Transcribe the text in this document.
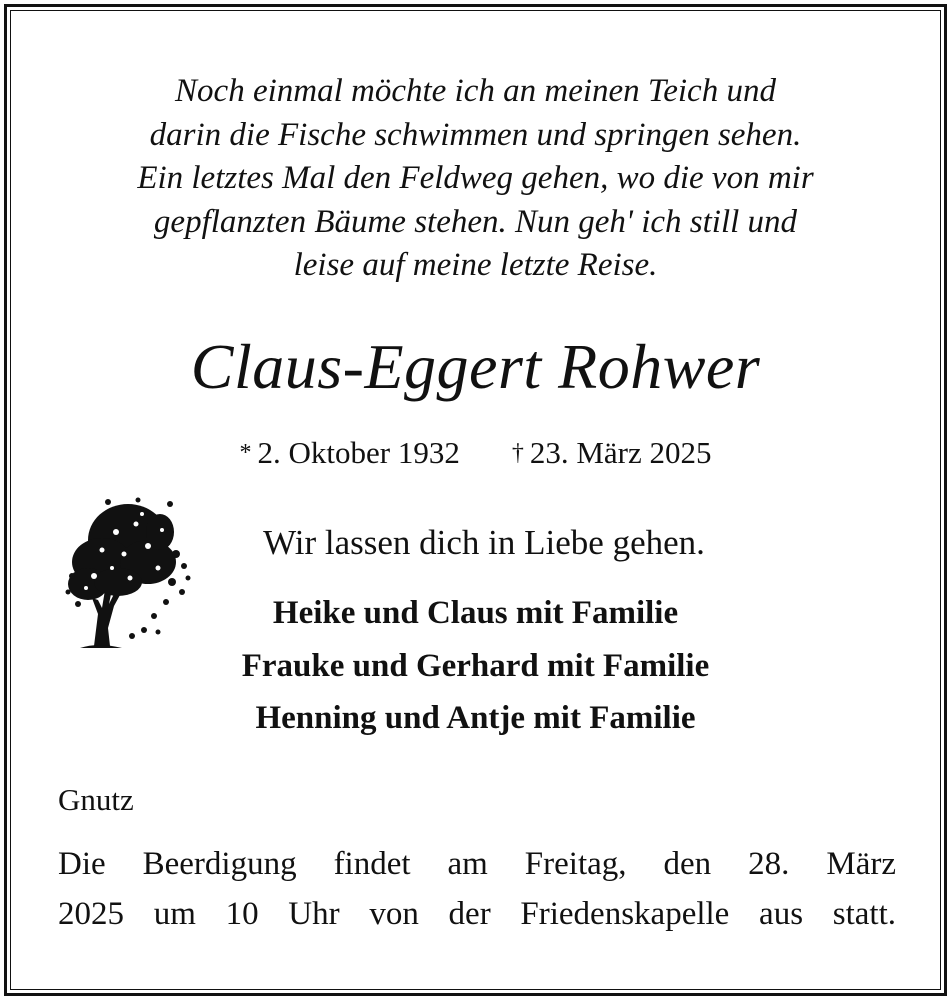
Noch einmal möchte ich an meinen Teich und
darin die Fische schwimmen und springen sehen.
Ein letztes Mal den Feldweg gehen, wo die von mir
gepflanzten Bäume stehen. Nun geh' ich still und
leise auf meine letzte Reise.
Claus-Eggert Rohwer
* 2. Oktober 1932 † 23. März 2025
Wir lassen dich in Liebe gehen.
Heike und Claus mit Familie
Frauke und Gerhard mit Familie
Henning und Antje mit Familie
Gnutz
Die Beerdigung findet am Freitag, den 28. März
2025 um 10 Uhr von der Friedenskapelle aus statt.
